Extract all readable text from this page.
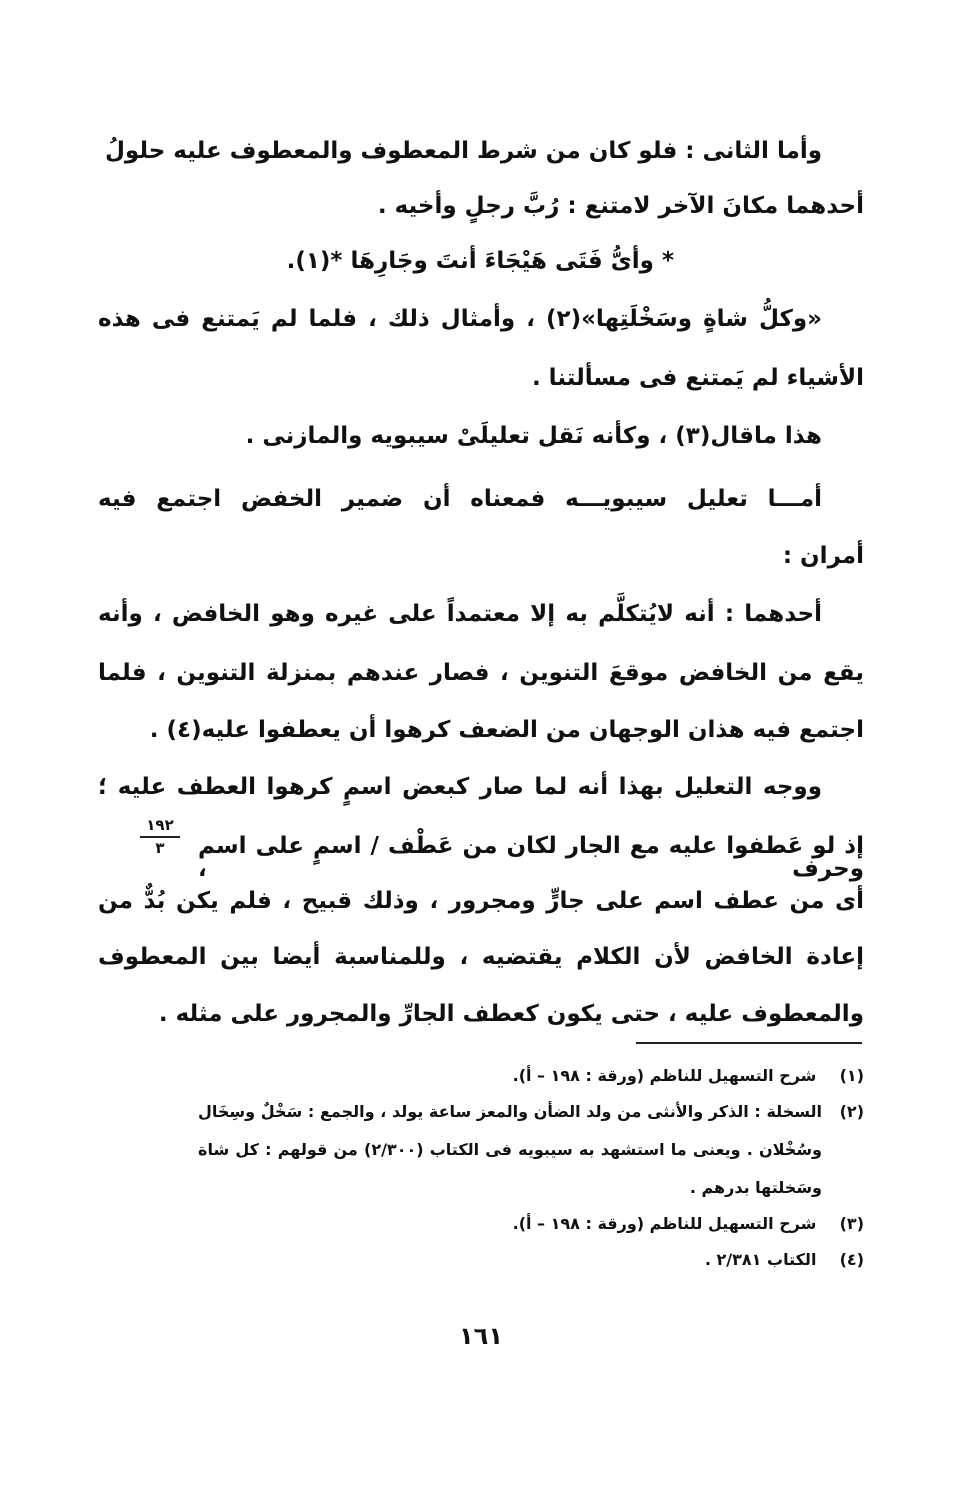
وأما الثانى : فلو كان من شرط المعطوف والمعطوف عليه حلولُ
أحدهما مكانَ الآخر لامتنع : رُبَّ رجلٍ وأخيه .
* وأىُّ فَتَى هَيْجَاءَ أنتَ وجَارِهَا *(١).
«وكلُّ شاةٍ وسَخْلَتِها»(٢) ، وأمثال ذلك ، فلما لم يَمتنع فى هذه
الأشياء لم يَمتنع فى مسألتنا .
هذا ماقال(٣) ، وكأنه نَقل تعليلَىْ سيبويه والمازنى .
أمـــا تعليل سيبويـــه فمعناه أن ضمير الخفض اجتمع فيه
أمران :
أحدهما : أنه لايُتكلَّم به إلا معتمداً على غيره وهو الخافض ، وأنه
يقع من الخافض موقعَ التنوين ، فصار عندهم بمنزلة التنوين ، فلما
اجتمع فيه هذان الوجهان من الضعف كرهوا أن يعطفوا عليه(٤) .
ووجه التعليل بهذا أنه لما صار كبعض اسمٍ كرهوا العطف عليه ؛
إذ لو عَطفوا عليه مع الجار لكان من عَطْف / اسمٍ على اسم وحرف ،
أى من عطف اسم على جارٍّ ومجرور ، وذلك قبيح ، فلم يكن بُدٌّ من
إعادة الخافض لأن الكلام يقتضيه ، وللمناسبة أيضا بين المعطوف
والمعطوف عليه ، حتى يكون كعطف الجارِّ والمجرور على مثله .
١٩٢
٣
(١) شرح التسهيل للناظم (ورقة : ١٩٨ – أ).
(٢)
السخلة : الذكر والأنثى من ولد الضأن والمعز ساعة يولد ، والجمع : سَخْلٌ وسِخَال
وسُخْلان . ويعنى ما استشهد به سيبويه فى الكتاب (٢/٣٠٠) من قولهم : كل شاة
وسَخلتها بدرهم .
(٣) شرح التسهيل للناظم (ورقة : ١٩٨ – أ).
(٤) الكتاب ٢/٣٨١ .
١٦١
